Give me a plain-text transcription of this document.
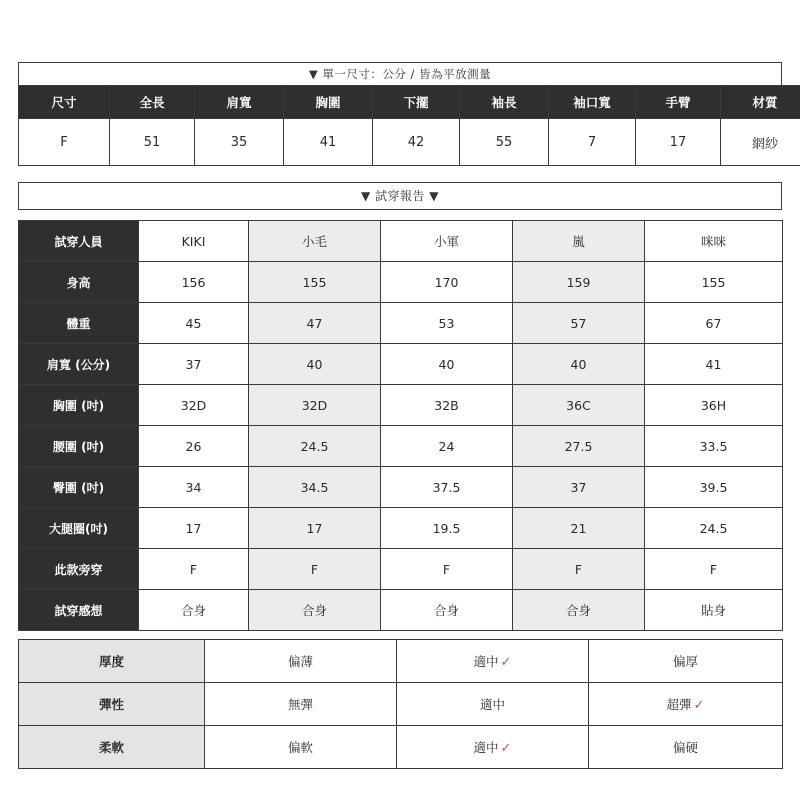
▼ 單一尺寸：公分 / 皆為平放測量
尺寸	全長	肩寬	胸圍	下擺	袖長	袖口寬	手臂	材質
F	51	35	41	42	55	7	17	網紗
▼ 試穿報告 ▼
試穿人員	KIKI	小毛	小軍	嵐	咪咪
身高	156	155	170	159	155
體重	45	47	53	57	67
肩寬 (公分)	37	40	40	40	41
胸圍 (吋)	32D	32D	32B	36C	36H
腰圍 (吋)	26	24.5	24	27.5	33.5
臀圍 (吋)	34	34.5	37.5	37	39.5
大腿圈(吋)	17	17	19.5	21	24.5
此款旁穿	F	F	F	F	F
試穿感想	合身	合身	合身	合身	貼身
厚度	偏薄	適中 ✓	偏厚
彈性	無彈	適中	超彈 ✓
柔軟	偏軟	適中 ✓	偏硬
